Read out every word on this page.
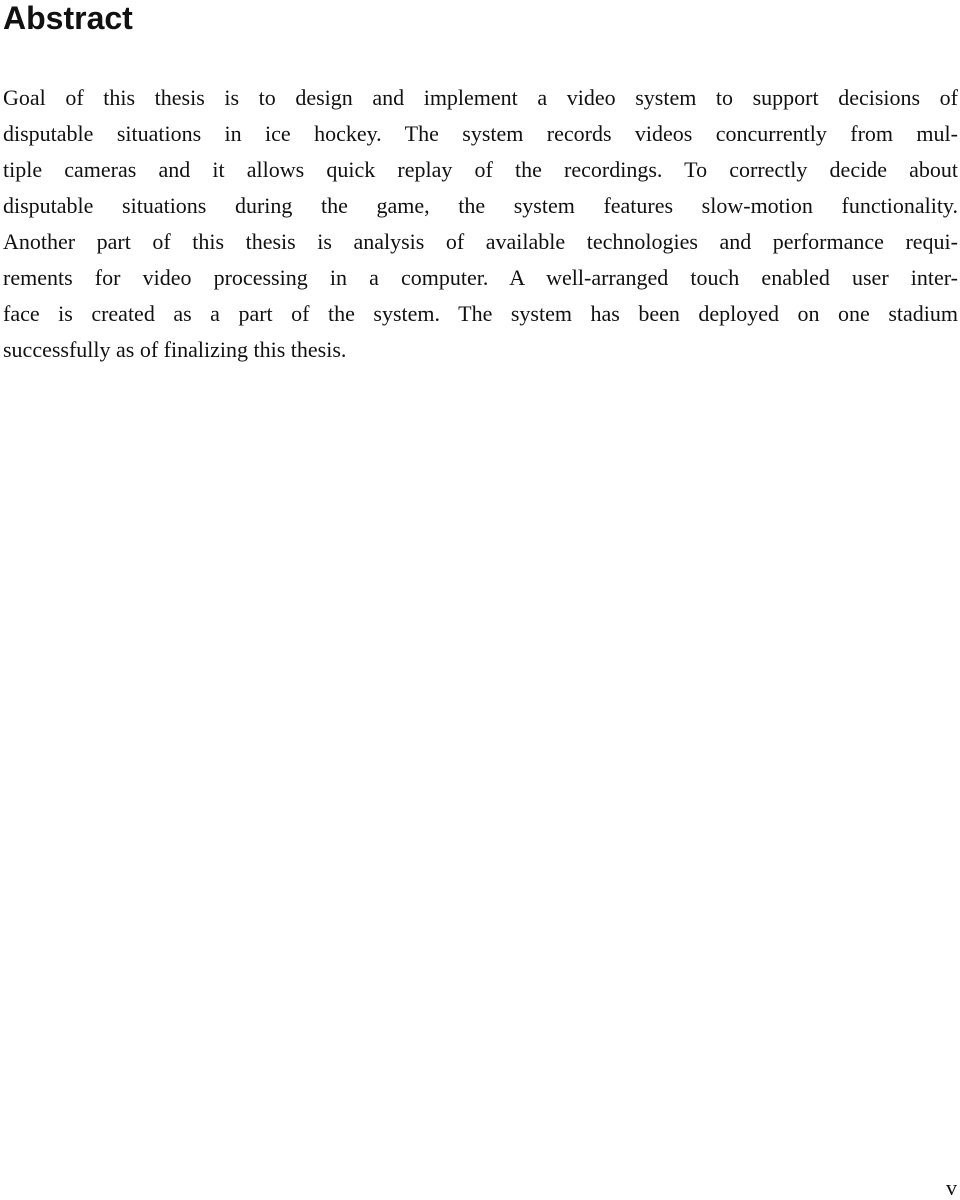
Abstract
Goal of this thesis is to design and implement a video system to support decisions of
disputable situations in ice hockey. The system records videos concurrently from mul-
tiple cameras and it allows quick replay of the recordings. To correctly decide about
disputable situations during the game, the system features slow-motion functionality.
Another part of this thesis is analysis of available technologies and performance requi-
rements for video processing in a computer. A well-arranged touch enabled user inter-
face is created as a part of the system. The system has been deployed on one stadium
successfully as of finalizing this thesis.
v
